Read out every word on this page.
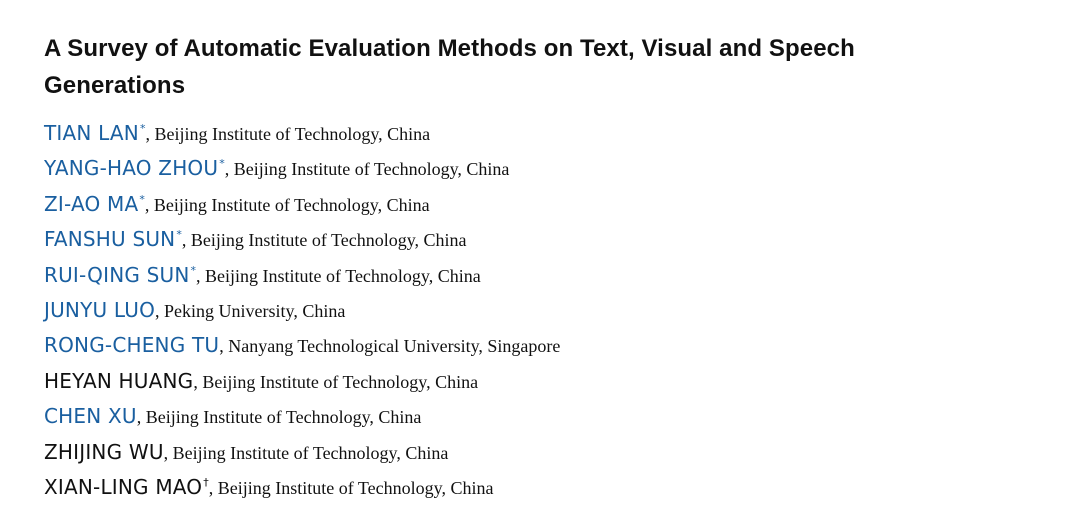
A Survey of Automatic Evaluation Methods on Text, Visual and Speech Generations
TIAN LAN*, Beijing Institute of Technology, China
YANG-HAO ZHOU*, Beijing Institute of Technology, China
ZI-AO MA*, Beijing Institute of Technology, China
FANSHU SUN*, Beijing Institute of Technology, China
RUI-QING SUN*, Beijing Institute of Technology, China
JUNYU LUO, Peking University, China
RONG-CHENG TU, Nanyang Technological University, Singapore
HEYAN HUANG, Beijing Institute of Technology, China
CHEN XU, Beijing Institute of Technology, China
ZHIJING WU, Beijing Institute of Technology, China
XIAN-LING MAO†, Beijing Institute of Technology, China
